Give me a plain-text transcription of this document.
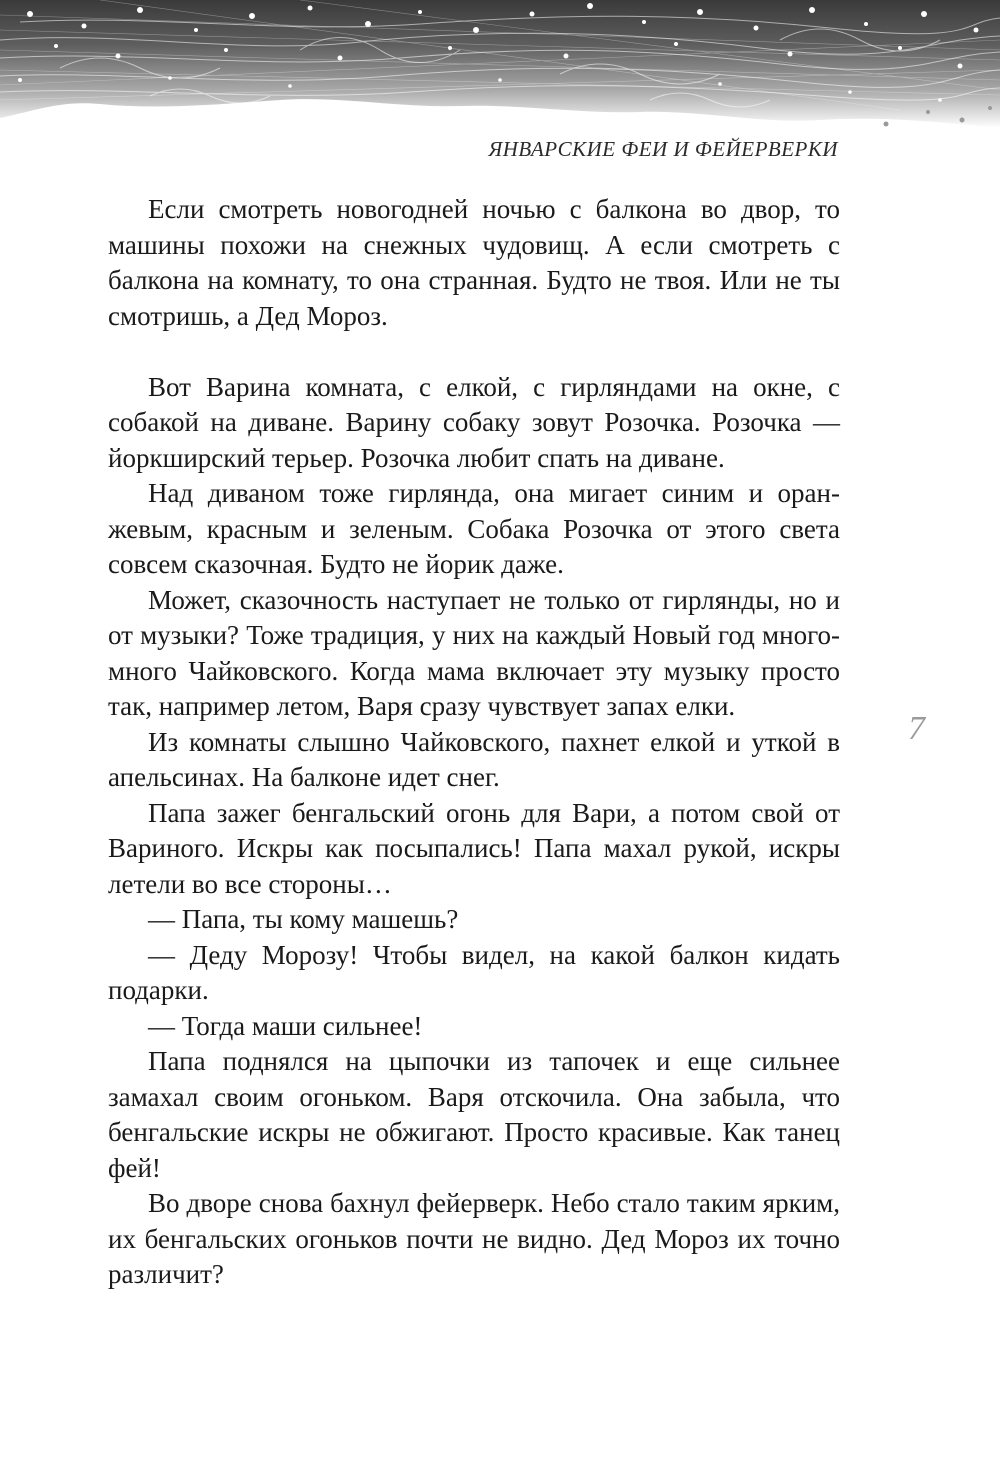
ЯНВАРСКИЕ ФЕИ И ФЕЙЕРВЕРКИ

Если смотреть новогодней ночью с балкона во двор, то машины похожи на снежных чудовищ. А если смотреть с балкона на комнату, то она странная. Будто не твоя. Или не ты смотришь, а Дед Мороз.

Вот Варина комната, с елкой, с гирляндами на окне, с собакой на диване. Варину собаку зовут Розочка. Розочка — йоркширский терьер. Розочка любит спать на диване.

Над диваном тоже гирлянда, она мигает синим и оранжевым, красным и зеленым. Собака Розочка от этого света совсем сказочная. Будто не йорик даже.

Может, сказочность наступает не только от гирлянды, но и от музыки? Тоже традиция, у них на каждый Новый год много-много Чайковского. Когда мама включает эту музыку просто так, например летом, Варя сразу чувствует запах елки.

Из комнаты слышно Чайковского, пахнет елкой и уткой в апельсинах. На балконе идет снег.

Папа зажег бенгальский огонь для Вари, а потом свой от Вариного. Искры как посыпались! Папа махал рукой, искры летели во все стороны…

— Папа, ты кому машешь?

— Деду Морозу! Чтобы видел, на какой балкон кидать подарки.

— Тогда маши сильнее!

Папа поднялся на цыпочки из тапочек и еще сильнее замахал своим огоньком. Варя отскочила. Она забыла, что бенгальские искры не обжигают. Просто красивые. Как танец фей!

Во дворе снова бахнул фейерверк. Небо стало таким ярким, их бенгальских огоньков почти не видно. Дед Мороз их точно различит?

7
